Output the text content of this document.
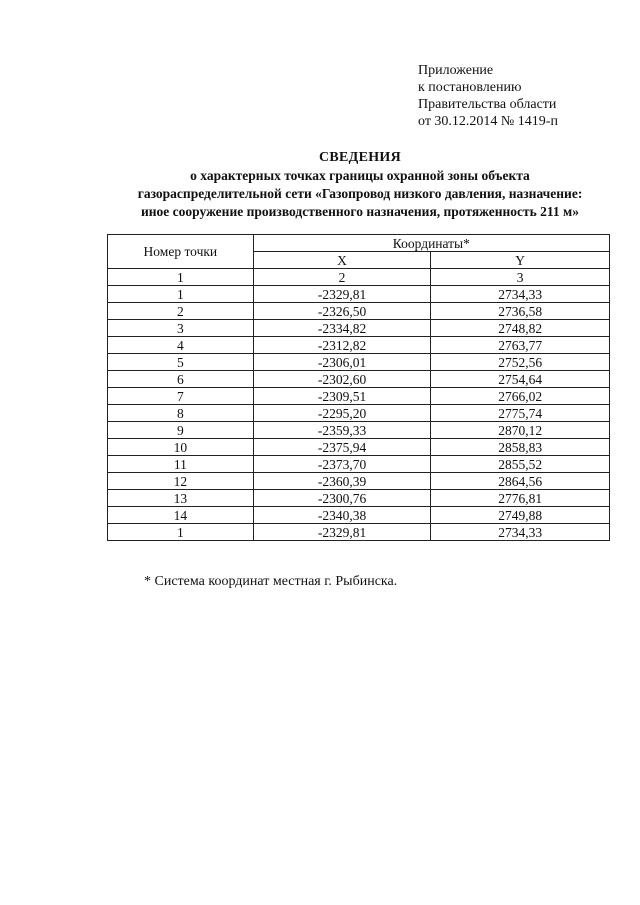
Приложение
к постановлению
Правительства области
от 30.12.2014 № 1419-п
СВЕДЕНИЯ
о характерных точках границы охранной зоны объекта
газораспределительной сети «Газопровод низкого давления, назначение:
иное сооружение производственного назначения, протяженность 211 м»
Номер точки	Координаты*	
	X	Y
1	2	3
1	-2329,81	2734,33
2	-2326,50	2736,58
3	-2334,82	2748,82
4	-2312,82	2763,77
5	-2306,01	2752,56
6	-2302,60	2754,64
7	-2309,51	2766,02
8	-2295,20	2775,74
9	-2359,33	2870,12
10	-2375,94	2858,83
11	-2373,70	2855,52
12	-2360,39	2864,56
13	-2300,76	2776,81
14	-2340,38	2749,88
1	-2329,81	2734,33
* Система координат местная г. Рыбинска.
